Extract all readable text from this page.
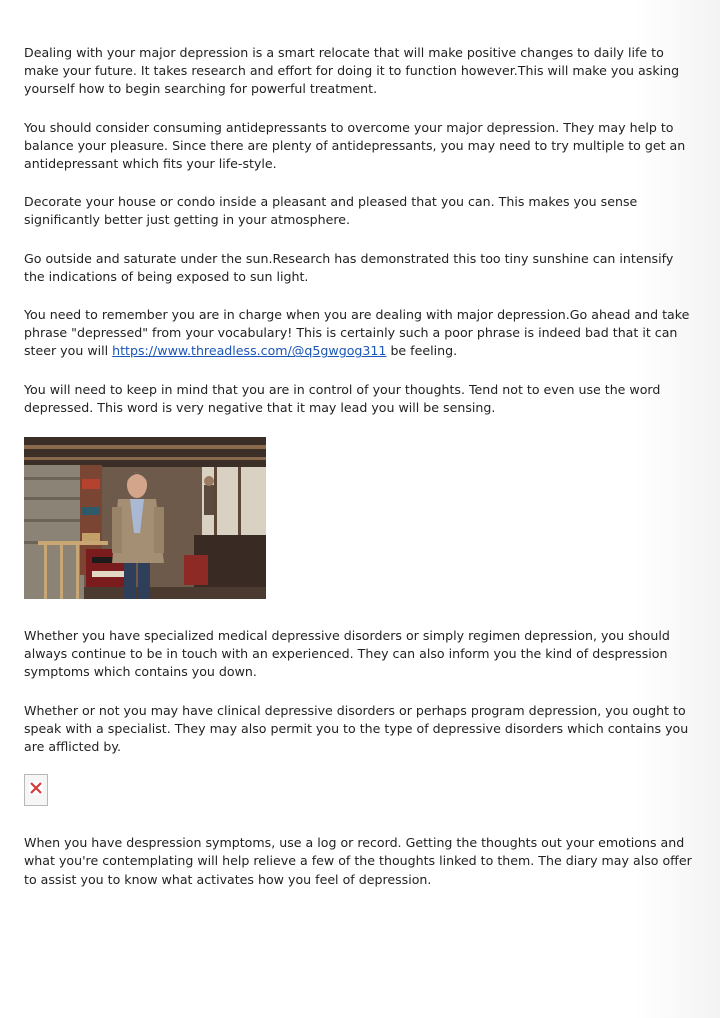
Dealing with your major depression is a smart relocate that will make positive changes to daily life to make your future. It takes research and effort for doing it to function however.This will make you asking yourself how to begin searching for powerful treatment.

You should consider consuming antidepressants to overcome your major depression. They may help to balance your pleasure. Since there are plenty of antidepressants, you may need to try multiple to get an antidepressant which fits your life-style.

Decorate your house or condo inside a pleasant and pleased that you can. This makes you sense significantly better just getting in your atmosphere.

Go outside and saturate under the sun.Research has demonstrated this too tiny sunshine can intensify the indications of being exposed to sun light.

You need to remember you are in charge when you are dealing with major depression.Go ahead and take phrase "depressed" from your vocabulary! This is certainly such a poor phrase is indeed bad that it can steer you will https://www.threadless.com/@q5gwgog311 be feeling.

You will need to keep in mind that you are in control of your thoughts. Tend not to even use the word depressed. This word is very negative that it may lead you will be sensing.

Whether you have specialized medical depressive disorders or simply regimen depression, you should always continue to be in touch with an experienced. They can also inform you the kind of despression symptoms which contains you down.

Whether or not you may have clinical depressive disorders or perhaps program depression, you ought to speak with a specialist. They may also permit you to the type of depressive disorders which contains you are afflicted by.

When you have despression symptoms, use a log or record. Getting the thoughts out your emotions and what you're contemplating will help relieve a few of the thoughts linked to them. The diary may also offer to assist you to know what activates how you feel of depression.
